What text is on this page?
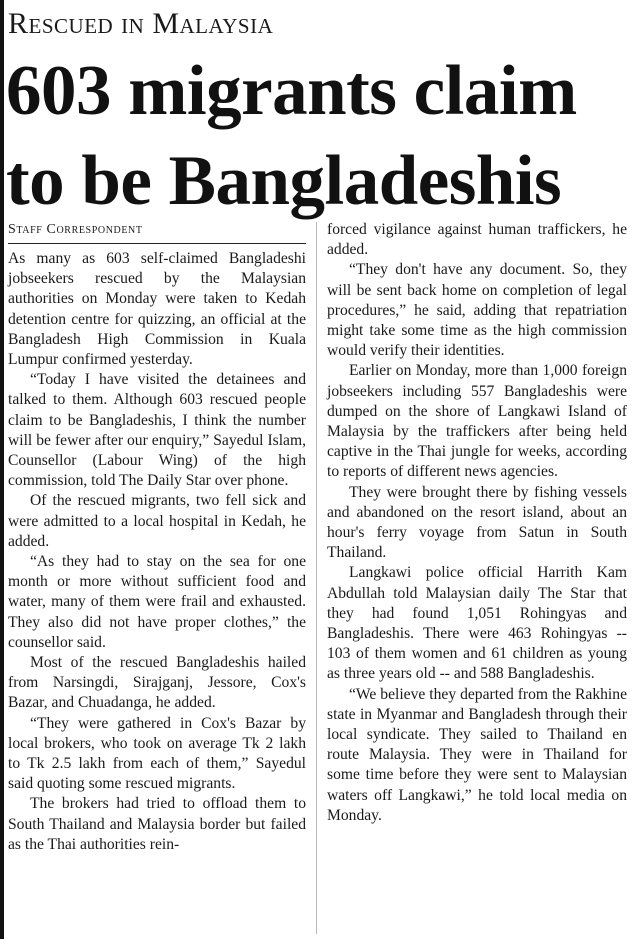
Rescued in Malaysia
603 migrants claim
to be Bangladeshis
Staff Correspondent

As many as 603 self-claimed Bangladeshi jobseekers rescued by the Malaysian authorities on Monday were taken to Kedah detention centre for quizzing, an official at the Bangladesh High Commission in Kuala Lumpur confirmed yesterday.

“Today I have visited the detainees and talked to them. Although 603 rescued people claim to be Bangladeshis, I think the number will be fewer after our enquiry,” Sayedul Islam, Counsellor (Labour Wing) of the high commission, told The Daily Star over phone.

Of the rescued migrants, two fell sick and were admitted to a local hospital in Kedah, he added.

“As they had to stay on the sea for one month or more without sufficient food and water, many of them were frail and exhausted. They also did not have proper clothes,” the counsellor said.

Most of the rescued Bangladeshis hailed from Narsingdi, Sirajganj, Jessore, Cox's Bazar, and Chuadanga, he added.

“They were gathered in Cox's Bazar by local brokers, who took on average Tk 2 lakh to Tk 2.5 lakh from each of them,” Sayedul said quoting some rescued migrants.

The brokers had tried to offload them to South Thailand and Malaysia border but failed as the Thai authorities rein-

forced vigilance against human traffickers, he added.

“They don't have any document. So, they will be sent back home on completion of legal procedures,” he said, adding that repatriation might take some time as the high commission would verify their identities.

Earlier on Monday, more than 1,000 foreign jobseekers including 557 Bangladeshis were dumped on the shore of Langkawi Island of Malaysia by the traffickers after being held captive in the Thai jungle for weeks, according to reports of different news agencies.

They were brought there by fishing vessels and abandoned on the resort island, about an hour's ferry voyage from Satun in South Thailand.

Langkawi police official Harrith Kam Abdullah told Malaysian daily The Star that they had found 1,051 Rohingyas and Bangladeshis. There were 463 Rohingyas -- 103 of them women and 61 children as young as three years old -- and 588 Bangladeshis.

“We believe they departed from the Rakhine state in Myanmar and Bangladesh through their local syndicate. They sailed to Thailand en route Malaysia. They were in Thailand for some time before they were sent to Malaysian waters off Langkawi,” he told local media on Monday.
